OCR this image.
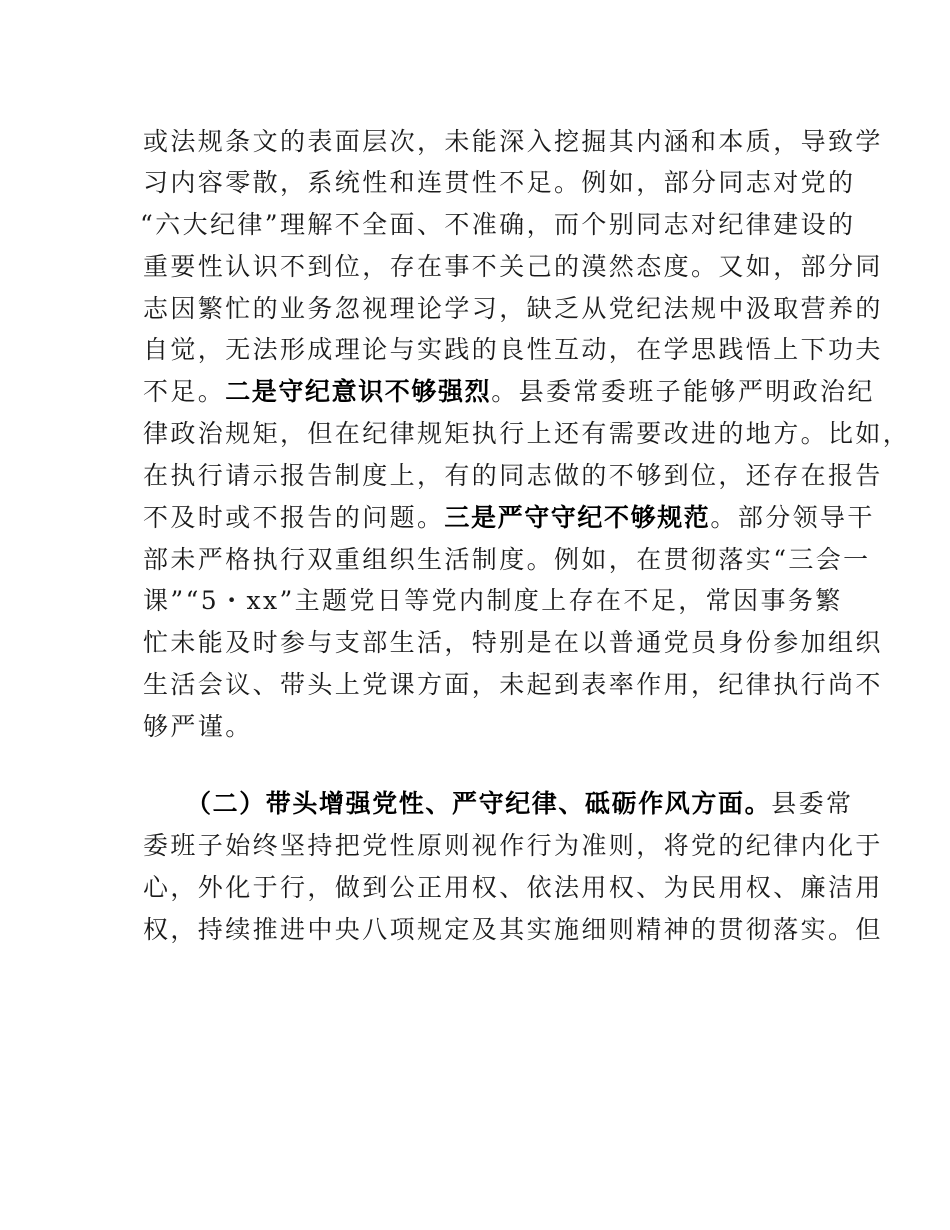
或法规条文的表面层次，未能深入挖掘其内涵和本质，导致学
习内容零散，系统性和连贯性不足。例如，部分同志对党的
“六大纪律”理解不全面、不准确，而个别同志对纪律建设的
重要性认识不到位，存在事不关己的漠然态度。又如，部分同
志因繁忙的业务忽视理论学习，缺乏从党纪法规中汲取营养的
自觉，无法形成理论与实践的良性互动，在学思践悟上下功夫
不足。二是守纪意识不够强烈。县委常委班子能够严明政治纪
律政治规矩，但在纪律规矩执行上还有需要改进的地方。比如，
在执行请示报告制度上，有的同志做的不够到位，还存在报告
不及时或不报告的问题。三是严守守纪不够规范。部分领导干
部未严格执行双重组织生活制度。例如，在贯彻落实“三会一
课”“5・xx”主题党日等党内制度上存在不足，常因事务繁
忙未能及时参与支部生活，特别是在以普通党员身份参加组织
生活会议、带头上党课方面，未起到表率作用，纪律执行尚不
够严谨。
（二）带头增强党性、严守纪律、砥砺作风方面。县委常
委班子始终坚持把党性原则视作行为准则，将党的纪律内化于
心，外化于行，做到公正用权、依法用权、为民用权、廉洁用
权，持续推进中央八项规定及其实施细则精神的贯彻落实。但
